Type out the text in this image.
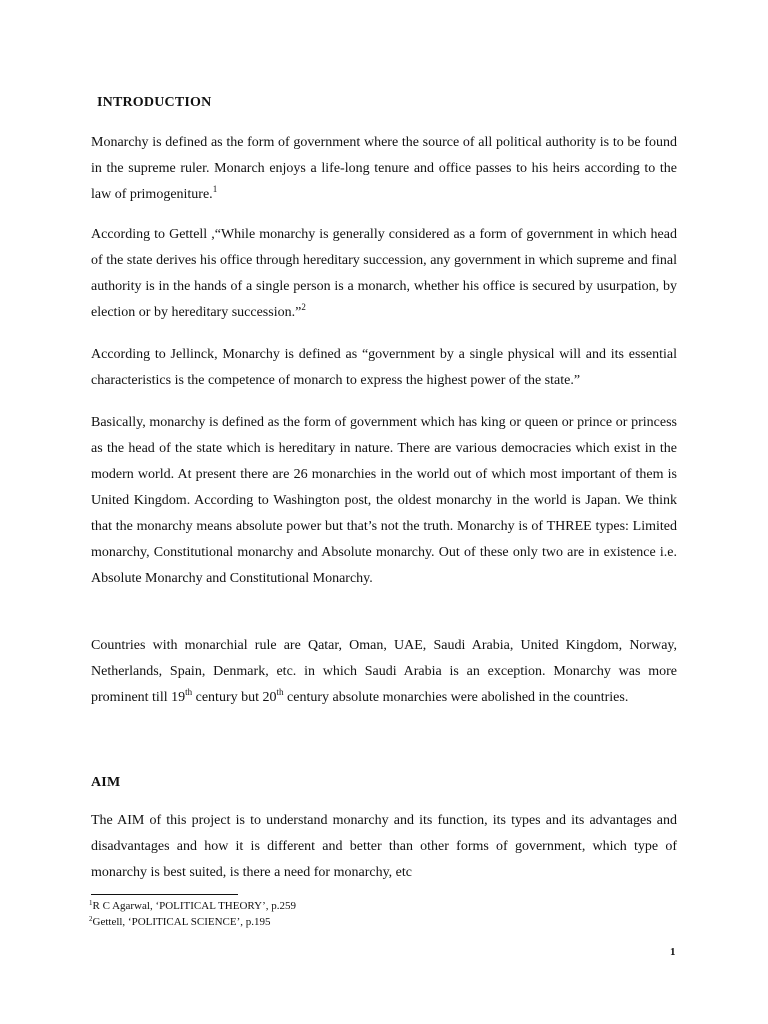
INTRODUCTION
Monarchy is defined as the form of government where the source of all political authority is to be found in the supreme ruler. Monarch enjoys a life-long tenure and office passes to his heirs according to the law of primogeniture.$^1$
According to Gettell ,“While monarchy is generally considered as a form of government in which head of the state derives his office through hereditary succession, any government in which supreme and final authority is in the hands of a single person is a monarch, whether his office is secured by usurpation, by election or by hereditary succession.”$^2$
According to Jellinck, Monarchy is defined as “government by a single physical will and its essential characteristics is the competence of monarch to express the highest power of the state.”
Basically, monarchy is defined as the form of government which has king or queen or prince or princess as the head of the state which is hereditary in nature. There are various democracies which exist in the modern world. At present there are 26 monarchies in the world out of which most important of them is United Kingdom. According to Washington post, the oldest monarchy in the world is Japan. We think that the monarchy means absolute power but that’s not the truth. Monarchy is of THREE types: Limited monarchy, Constitutional monarchy and Absolute monarchy. Out of these only two are in existence i.e. Absolute Monarchy and Constitutional Monarchy.
Countries with monarchial rule are Qatar, Oman, UAE, Saudi Arabia, United Kingdom, Norway, Netherlands, Spain, Denmark, etc. in which Saudi Arabia is an exception. Monarchy was more prominent till 19th century but 20th century absolute monarchies were abolished in the countries.
AIM
The AIM of this project is to understand monarchy and its function, its types and its advantages and disadvantages and how it is different and better than other forms of government, which type of monarchy is best suited, is there a need for monarchy, etc
$^1$R C Agarwal, ‘POLITICAL THEORY’, p.259
$^2$Gettell, ‘POLITICAL SCIENCE’, p.195
1
